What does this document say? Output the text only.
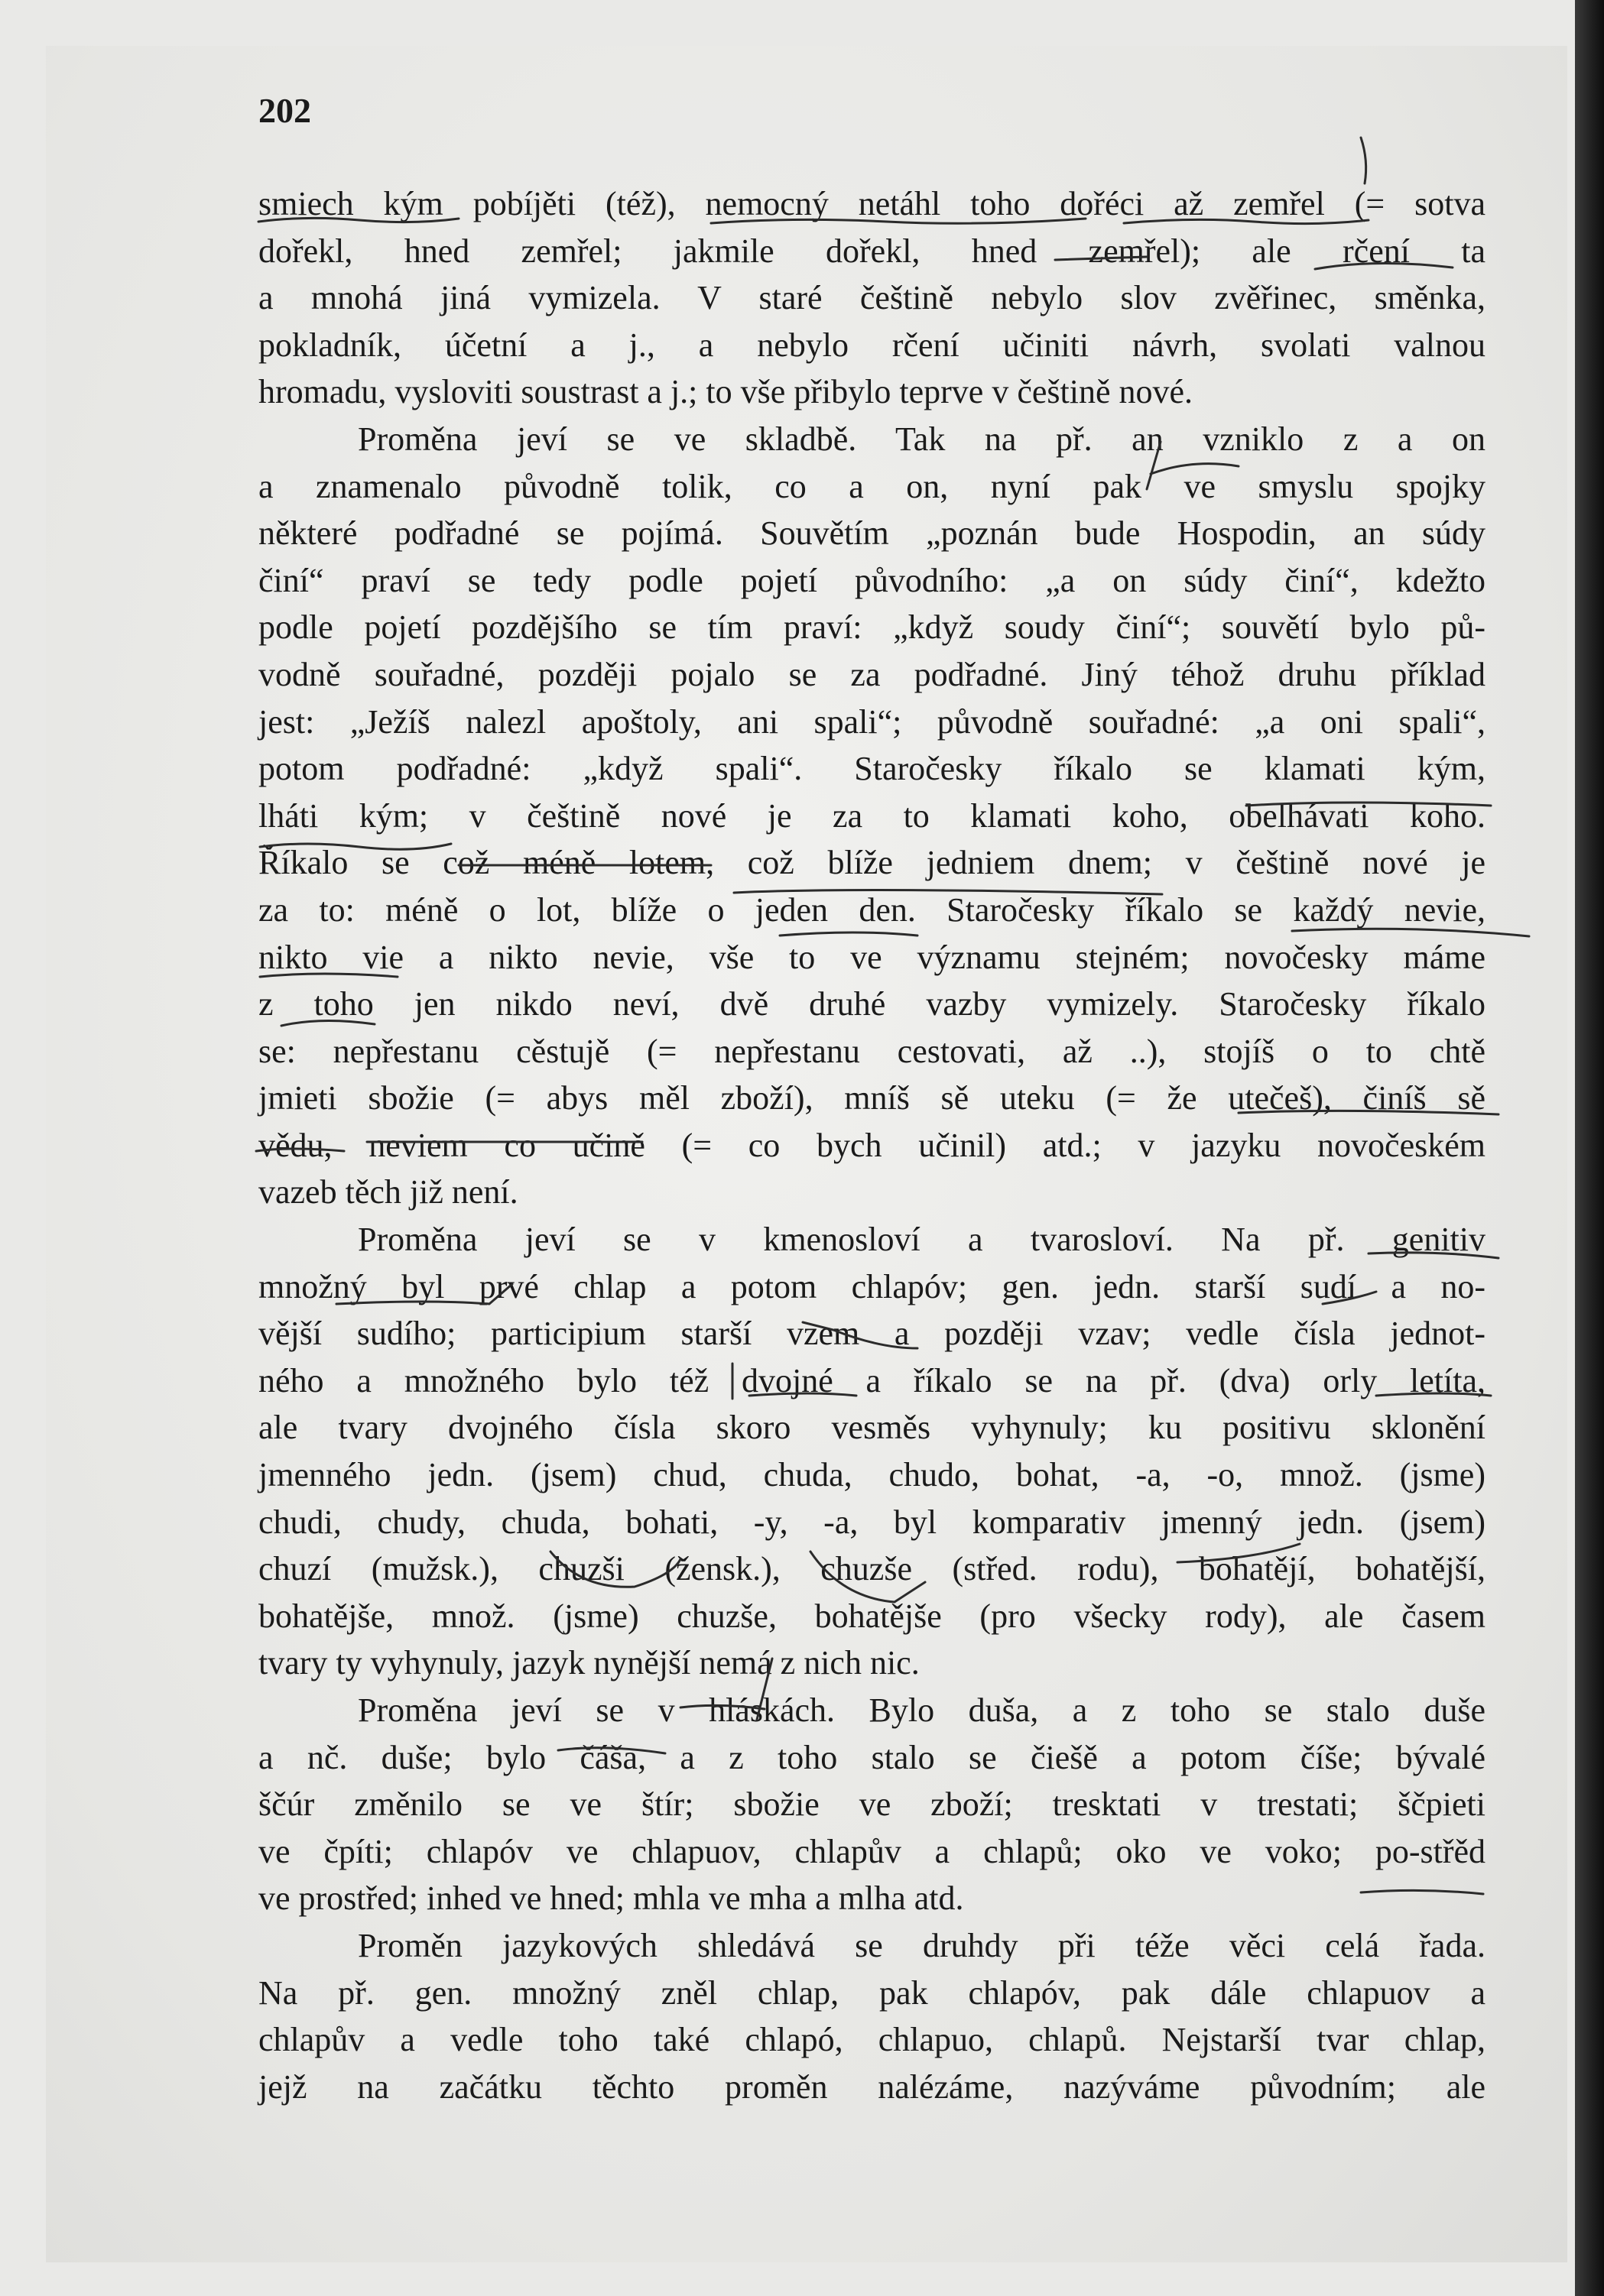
202
smiech kým pobíjěti (též), nemocný netáhl toho dořéci až zemřel (= sotva
dořekl, hned zemřel; jakmile dořekl, hned zemřel); ale rčení ta
a mnohá jiná vymizela. V staré češtině nebylo slov zvěřinec, směnka,
pokladník, účetní a j., a nebylo rčení učiniti návrh, svolati valnou
hromadu, vysloviti soustrast a j.; to vše přibylo teprve v češtině nové.
Proměna jeví se ve skladbě. Tak na př. an vzniklo z a on
a znamenalo původně tolik, co a on, nyní pak ve smyslu spojky
některé podřadné se pojímá. Souvětím „poznán bude Hospodin, an súdy
činí“ praví se tedy podle pojetí původního: „a on súdy činí“, kdežto
podle pojetí pozdějšího se tím praví: „když soudy činí“; souvětí bylo pů-
vodně souřadné, později pojalo se za podřadné. Jiný téhož druhu příklad
jest: „Ježíš nalezl apoštoly, ani spali“; původně souřadné: „a oni spali“,
potom podřadné: „když spali“. Staročesky říkalo se klamati kým,
lháti kým; v češtině nové je za to klamati koho, obelhávati koho.
Říkalo se což méně lotem, což blíže jedniem dnem; v češtině nové je
za to: méně o lot, blíže o jeden den. Staročesky říkalo se každý nevie,
nikto vie a nikto nevie, vše to ve významu stejném; novočesky máme
z toho jen nikdo neví, dvě druhé vazby vymizely. Staročesky říkalo
se: nepřestanu cěstujě (= nepřestanu cestovati, až ..), stojíš o to chtě
jmieti sbožie (= abys měl zboží), mníš sě uteku (= že utečeš), činíš sě
vědu, neviem co učině (= co bych učinil) atd.; v jazyku novočeském
vazeb těch již není.
Proměna jeví se v kmenosloví a tvarosloví. Na př. genitiv
množný byl prvé chlap a potom chlapóv; gen. jedn. starší sudí a no-
vější sudího; participium starší vzem a později vzav; vedle čísla jednot-
ného a množného bylo též dvojné a říkalo se na př. (dva) orly letíta,
ale tvary dvojného čísla skoro vesměs vyhynuly; ku positivu sklonění
jmenného jedn. (jsem) chud, chuda, chudo, bohat, -a, -o, množ. (jsme)
chudi, chudy, chuda, bohati, -y, -a, byl komparativ jmenný jedn. (jsem)
chuzí (mužsk.), chuzši (žensk.), chuzše (střed. rodu), bohatějí, bohatější,
bohatějše, množ. (jsme) chuzše, bohatějše (pro všecky rody), ale časem
tvary ty vyhynuly, jazyk nynější nemá z nich nic.
Proměna jeví se v hláskách. Bylo duša, a z toho se stalo duše
a nč. duše; bylo čáša, a z toho stalo se čiešě a potom číše; bývalé
ščúr změnilo se ve štír; sbožie ve zboží; tresktati v trestati; ščpieti
ve čpíti; chlapóv ve chlapuov, chlapův a chlapů; oko ve voko; po-střěd
ve prostřed; inhed ve hned; mhla ve mha a mlha atd.
Proměn jazykových shledává se druhdy při téže věci celá řada.
Na př. gen. množný zněl chlap, pak chlapóv, pak dále chlapuov a
chlapův a vedle toho také chlapó, chlapuo, chlapů. Nejstarší tvar chlap,
jejž na začátku těchto proměn nalézáme, nazýváme původním; ale
